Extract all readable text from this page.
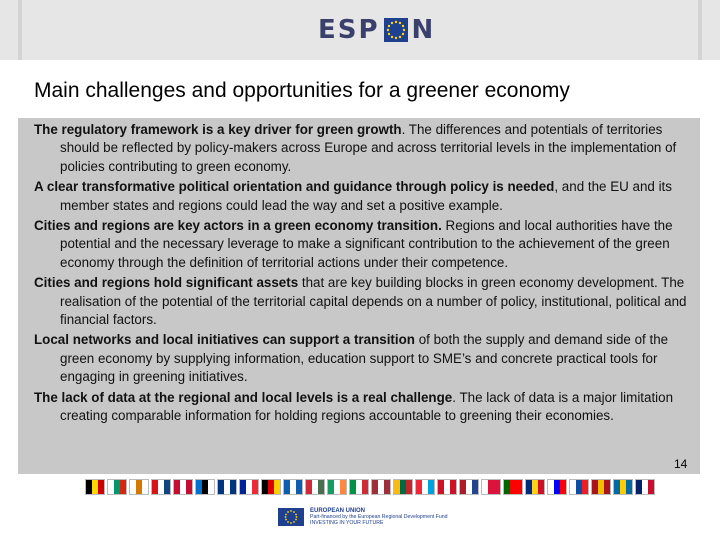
ESP N
Main challenges and opportunities for a greener economy

The regulatory framework is a key driver for green growth. The differences and potentials of territories should be reflected by policy-makers across Europe and across territorial levels in the implementation of policies contributing to green economy.

A clear transformative political orientation and guidance through policy is needed, and the EU and its member states and regions could lead the way and set a positive example.

Cities and regions are key actors in a green economy transition. Regions and local authorities have the potential and the necessary leverage to make a significant contribution to the achievement of the green economy through the definition of territorial actions under their competence.

Cities and regions hold significant assets that are key building blocks in green economy development. The realisation of the potential of the territorial capital depends on a number of policy, institutional, political and financial factors.

Local networks and local initiatives can support a transition of both the supply and demand side of the green economy by supplying information, education support to SME’s and concrete practical tools for engaging in greening initiatives.

The lack of data at the regional and local levels is a real challenge. The lack of data is a major limitation creating comparable information for holding regions accountable to greening their economies.

14
EUROPEAN UNION
Part-financed by the European Regional Development Fund
INVESTING IN YOUR FUTURE
